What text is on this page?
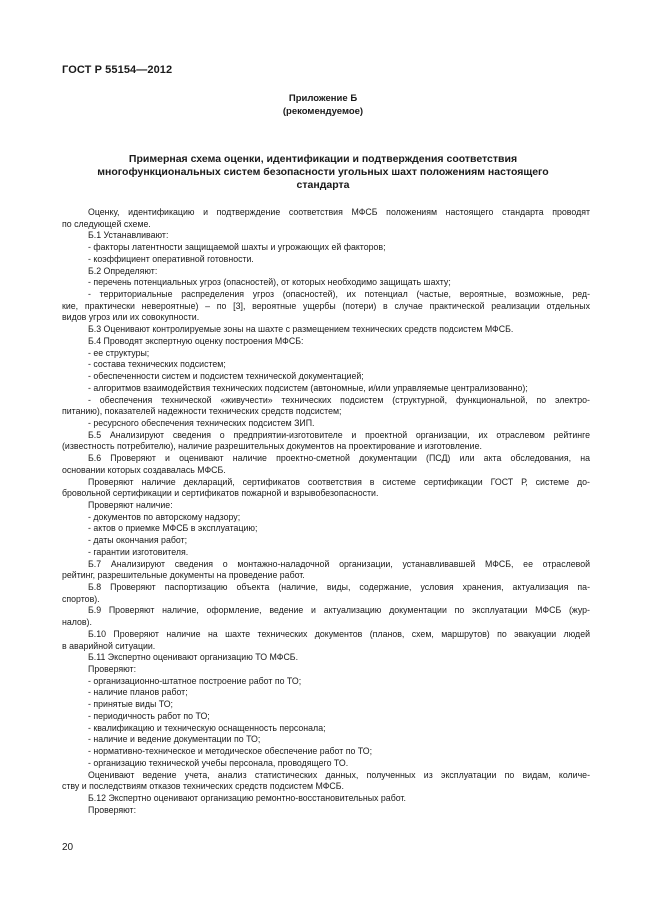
ГОСТ Р 55154—2012
Приложение Б
(рекомендуемое)
Примерная схема оценки, идентификации и подтверждения соответствия
многофункциональных систем безопасности угольных шахт положениям настоящего
стандарта

Оценку, идентификацию и подтверждение соответствия МФСБ положениям настоящего стандарта проводят
по следующей схеме.

Б.1 Устанавливают:

- факторы латентности защищаемой шахты и угрожающих ей факторов;

- коэффициент оперативной готовности.

Б.2 Определяют:

- перечень потенциальных угроз (опасностей), от которых необходимо защищать шахту;

- территориальные распределения угроз (опасностей), их потенциал (частые, вероятные, возможные, ред-
кие, практически невероятные) – по [3], вероятные ущербы (потери) в случае практической реализации отдельных
видов угроз или их совокупности.

Б.3 Оценивают контролируемые зоны на шахте с размещением технических средств подсистем МФСБ.

Б.4 Проводят экспертную оценку построения МФСБ:

- ее структуры;

- состава технических подсистем;

- обеспеченности систем и подсистем технической документацией;

- алгоритмов взаимодействия технических подсистем (автономные, и/или управляемые централизованно);

- обеспечения технической «живучести» технических подсистем (структурной, функциональной, по электро-
питанию), показателей надежности технических средств подсистем;

- ресурсного обеспечения технических подсистем ЗИП.

Б.5 Анализируют сведения о предприятии-изготовителе и проектной организации, их отраслевом рейтинге
(известность потребителю), наличие разрешительных документов на проектирование и изготовление.

Б.6 Проверяют и оценивают наличие проектно-сметной документации (ПСД) или акта обследования, на
основании которых создавалась МФСБ.

Проверяют наличие деклараций, сертификатов соответствия в системе сертификации ГОСТ Р, системе до-
бровольной сертификации и сертификатов пожарной и взрывобезопасности.

Проверяют наличие:

- документов по авторскому надзору;

- актов о приемке МФСБ в эксплуатацию;

- даты окончания работ;

- гарантии изготовителя.

Б.7 Анализируют сведения о монтажно-наладочной организации, устанавливавшей МФСБ, ее отраслевой
рейтинг, разрешительные документы на проведение работ.

Б.8 Проверяют паспортизацию объекта (наличие, виды, содержание, условия хранения, актуализация па-
спортов).

Б.9 Проверяют наличие, оформление, ведение и актуализацию документации по эксплуатации МФСБ (жур-
налов).

Б.10 Проверяют наличие на шахте технических документов (планов, схем, маршрутов) по эвакуации людей
в аварийной ситуации.

Б.11 Экспертно оценивают организацию ТО МФСБ.

Проверяют:

- организационно-штатное построение работ по ТО;

- наличие планов работ;

- принятые виды ТО;

- периодичность работ по ТО;

- квалификацию и техническую оснащенность персонала;

- наличие и ведение документации по ТО;

- нормативно-техническое и методическое обеспечение работ по ТО;

- организацию технической учебы персонала, проводящего ТО.

Оценивают ведение учета, анализ статистических данных, полученных из эксплуатации по видам, количе-
ству и последствиям отказов технических средств подсистем МФСБ.

Б.12 Экспертно оценивают организацию ремонтно-восстановительных работ.

Проверяют:

20
